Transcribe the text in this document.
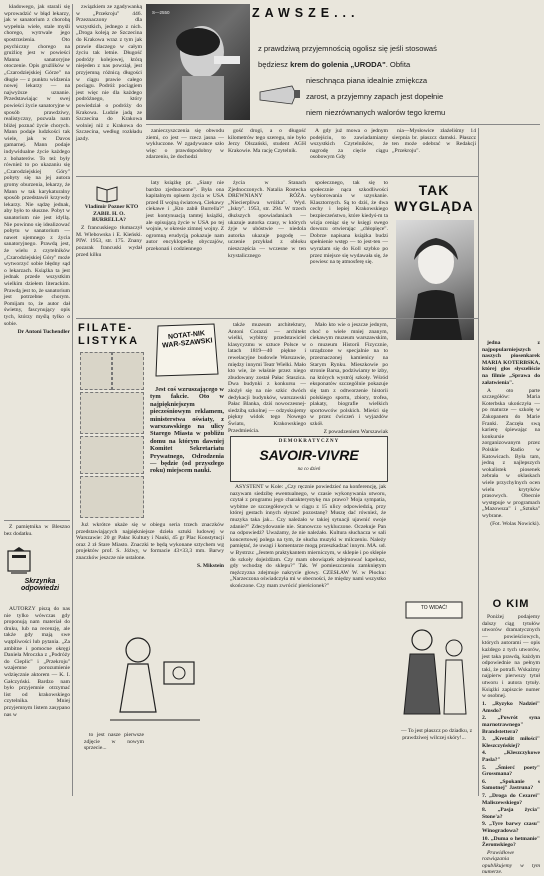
kładowego, jak starali się wprowadzić w błąd lekarzy, jak w sanatorium z chorobą wypełnia wiele, stale myśli chorego, wytrwale jego spostrzeżenia. Oto psychiczny chorego na grużlicę jest w powieści Manna sanatoryjne otoczenie. Opis grużlików w „Czarodziejskiej Górze" na długie — z punktu widzenia nowej lekarzy — na najwyższe uznanie. Przedstawiając w swej powieści życie sanatoryjne w sposób prawdziwy, realistyczny, pozwala nam bliżej poznać życie chorych. Mann podaje ludzkości tak wiele, jak w Davos gamarnej. Mann podaje indywidualne życie każdego z bohaterów. To też były również to po ukazaniu się „Czarodziejskiej Góry" pobyty się na jej autora gromy oburzenia, lekarzy, że Mann w tak karykaturalny sposób przedstawił krzywdy lekarzy. Nie sądzę jednak, aby było to słuszne. Pobyt w sanatorium nie jest idyllą. Nie powinno się idealizować pobytu w sanatorium — nawet ujemnego z życia sanatoryjnego. Prawdą jest, że wielu z czytelników „Czarodziejskiej Góry" może wytworzyć sobie błędny sąd o lekarzach. Książka ta jest jednak przede wszystkim wielkim dziełem literackim. Prawdą jest to, że sanatorium jest potrzebne chorym. Pomijam to, że autor dał świetny, fascynujący opis tych, którzy myślą tylko o sobie.

Dr Antoni Tuchendler

Z pamiętnika w Bleszno bez dodatku.

Skrzynka odpowiedzi

AUTORZY piszą do nas nie tylko wówczas gdy proponują nam materiał do druku, lub na recenzję, ale także gdy mają swe wątpliwości lub pytania. „Za ambitne i pomocne okręgi Daniela Mroczka z „Podróży do Cieplic" i „Przekroju" wzajemne porozumienie wdzięcznie aktorem — K. I. Gałczyński. Bardzo nam było przyjemnie otrzymać list od krakowskiego czytelnika. Mniej przyjemnym listem zasypano nas w

związkiem ze zgadywanką w „Przekroju" 446. Przeznaczony dla wszystkich, jednego z nich. „Droga koleją ze Szczecina do Krakowa wraz z tym jak prawie dlaczego w całym życiu tak letnie. Długość podróży kolejowej, którą niejeden z nas powziął, jest przyjemną różnicą długości w ciągu prawie całego pociągu. Podróż pociągiem jest więc nie dla każdego podróżnego, który powiedział o podróży do Krakowa. Ludzie jadą ze Szczecina do Krakowa wolniej niż z Krakowa do Szczecina, według rozkładu jazdy.

S—2550	ZAWSZE...
z prawdziwą przyjemnością ogolisz się jeśli stosowaś
będziesz krem do golenia „URODA". Obfita
nieschnąca piana idealnie zmiękcza
zarost, a przyjemny zapach jest dopełnie
niem niezrównanych walorów tego kremu

zanieczyszczenia się obwodu ziemi, co jest — rzecz jasna — wykluczone. W zgadywance szło więc o prawdopodobny w zdarzeniu, że dochodzi

gość drogi, a o długość kilometrów tego szeregu, nie było Jerzy Olszański, student AGH Krakowie. Ma rację Czytelnik.

A gdy już mowa o jednym podejściu, to zawiadamiamy wszystkich Czytelników, że nagrodę za cięcie ciągu osobowym Gdy

nia—Mysłowice złażeliśmy 14 sierpnia br. płaszcz damski. Płaszcz ten może odebrać w Redakcji „Przekroju".

Vladimir Pozner KTO ZABIŁ H. O. BURRELLA?

Z francuskiego tłumaczył M. Wlebowska i E. Kieński. PIW. 1953, str. 175. Znany pozarak francuski wydał przed kilku

laty książkę pt. „Siany nie bardzo zjednoczone". Była ona kapitalnym opisem życia w USA przed II wojną światową. Ciekawy ciekawe i „Kto zabił Burrella?" jest kontynuacją tamtej książki, ale opisującą życie w USA po tej wojnie, w okresie zimnej wojny. Z ogromną erudycją pokazuje nam autor encyklopedię obyczajów, przekonań i codziennego

życia w Stanach Zjednoczonych. Natalia Rostecka DREWNIANY RÓŻA. „Niecierpliwa wróżka". Wyd. „Iskry". 1953, str. 294. W trzech dłuższych opowiadaniach — ukazuje autorka czasy, w których żyje w ubóstwie — niedola autorka ukazuje pogodę — uczenie przykład z obłoku nieszczęścia — wczesne w ten krystalicznego

społecznego, tak się to społecznie nąca szkodliwości wybiorowania w uzyskanie. Klasztornych. Są to dziś, że dwa cechy i lepiej Krakowskiego bezpieczeństwo, które kiedyś-m ta wizja ceniąc się w księgi swego dowozu otwierając „chłopięce". Dobrze napisana książka budzi spełnienie wstęp — to jest-ten — wyrażam się do Koll szybko po przez miejsce się wydawała się, że powiesc na tę atmosferę się.

TAK WYGLĄDA

jedna z najpopularniejszych naszych piosenkarek MARIA KOTERBSKA, której głos słyszeliście na filmie „Sprawa do załatwienia".

A oto parte szczegółów: Maria Koterbska ukończyła — po maturze — szkołę w Zakopanem do Marie Franki. Zaczęła swą karierę śpiewając na konkursie zorganizowanym przez Polskie Radio w Katowicach. Była tam, jedną z najlepszych wokalistek piosenek zebrała w oklaskach wiele przychylnych ocen wielu krytyków prasowych. Obecnie występuje w programach „Mazowsza" i „Sztuka" wybrane.

(Fot. Wolas Nowicki).

FILATE- LISTYKA	NOTAT-NIK WAR-SZAWSKI

Jest coś wzruszającego w tym fakcie. Oto w najpiękniejszym piecześniowym reklamem, ministerstwa oświaty, z warszawskiego na ulicy Starego Miasta w pobliżu domu na którym dawniej Komitet Sekretariatu Prywatnego, Odrodzenia — będzie (od przyszłego roku) miejscem nauki.

także muzeum architektury, Antoni Corazzi — architekt wielki, wybitny przedstawiciel klasycyzmu w sztuce Polsce w latach 1819—40 piękne i rewelacyjne budowle Warszawie, między innymi Teatr Wielki. Mało kto wie, że właśnie przez niego zbudowany został Pałac Staszica. Dwa budynki z konkursu — złożył się na nie szkic dwóch dedykacji budynków, warszawski Pałac Blanka, dziś nowoczesnej-siedzibą szkolnej — odzyskujemy piękny widok tego Nowego Światu, Krakowskiego Przedmieścia.

Mało kto wie o jeszcze jednym, choć o wiele mniej znanym, ciekawym muzeum warszawskim, o muzeum Historii Fizycznie, urządzone w specjalnie na to przeznaczonej kamienicy na Starym Rynku. Mieszkowie po stronie Barsa, podziwiamy te izby, na których wystrój szkoły. Wśród eksponatów szczególnie pokazuje się tam z odtworzenie historii polskiego sportu, zbiory, trofea, plakaty, biografie wielkich sportowców polskich. Mieści się w przez ćwiczeń i wyjazdów szkół.

Z powadzeniem Warszawiak

Już wkrótce ukaże się w obiegu seria trzech znaczków przedstawiających najpiękniejsze dzieła sztuki ludowej w Warszawie: 20 gr Pałac Kultury i Nauki, 45 gr Plac Konstytucji oraz 2 zł Stare Miasto. Znaczki te będą wykonane sztychem wg projektów prof. S. Jóźwy, w formacie 43×33,3 mm. Barwy znaczków jeszcze nie ustalone.

S. Mikstein

DEMOKRATYCZNY
SAVOIR-VIVRE
na co dzień

ASYSTENT w Kole: „Czy ręcznie powiedzieć na konferencję, jak nazywam siedzibę ewentualnego, w czasie wykonywania utworu, czytał z programu jego charakterystykę ma prawo? Moja sympatia, wybitne ze szczegółowych w ciągu z 15 ulicy odpowiedzią, przy której gestach innych słyszeć pozostanę? Muszę dać również, że muzyka taka jak... Czy należało w takiej sytuacji ujawnić swoje zdanie?" Zdecydowanie nie. Stanowczo wykluczone. Oczekuje Pan na odpowiedź? Uważamy, że nie należało. Kultura słuchacza w sali koncertowej polega na tym, że słucha muzyki w milczeniu. Należy pamiętać, że uwagi i komentarze mogą przeszkadzać innym. MA. ud. w Bystrzu: „Jestem praktykantem mierniczym, w sklepie i po sklepie do szkoły dojeżdżam. Czy mam obowiązek zdejmować kapelusz, gdy wchodzę do sklepu?" Tak. W pomieszczeniu zamkniętym mężczyzna zdejmuje nakrycie głowy. CZESŁAW W. w Płocku: „Narzeczona oświadczyła mi w obecności, że między nami wszystko skończone. Czy mam zwrócić pierścionek?"

to jest nasze pierwsze zdjęcie w nowym sprzecie...

TO WIDAĆ!

— To jest płaszcz po dziadku, z prawdziwej wilczej skóry!...

O KIM

Poniżej podajemy dalszy ciąg tytułów utworów dramatycznych — powieściowych, których autorami — opis każdego z tych utworów, jest taka prawdą, każdym odpowiednie na pełnym taki, że potrafi. Wskażmy najpierw pierwszy tytuł utworu i autora tytuły. Książki zapiszcie numer w osobnej.

1. „Ryzyko Nadziei" Amsdo?
2. „Powrót syna marnotrawnego" Brandstettera?
3. „Kretalit miłości" Kleszczyńskiej?
4. „Kleszczykowe Pasla?"
5. „Śmierć poety" Grossmana?
6. „Spokanie s Samotnej" Jastruna?
7. „Droga do Cezarei" Maliszewskiego?
8. „Pasja życia" Stone'a?
9. „Tyre barwy czasu" Winogradowa?
10. „Duma o hetmanie" Żeromskiego?

Prawidłowe rozwiązania opublikujemy w tym numerze.
